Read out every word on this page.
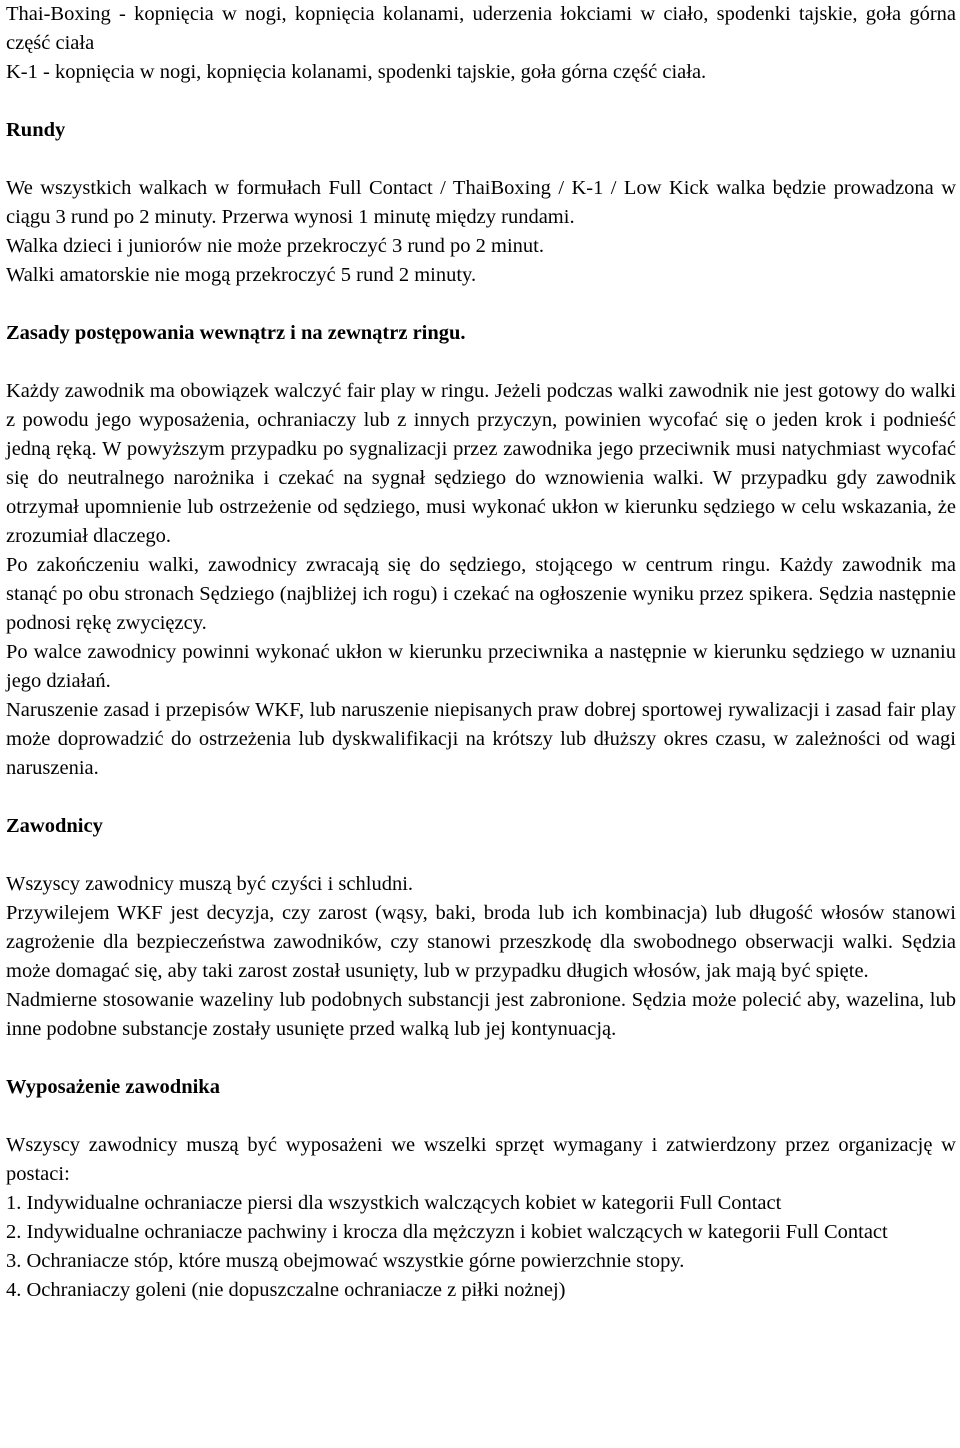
Thai-Boxing - kopnięcia w nogi, kopnięcia kolanami, uderzenia łokciami w ciało, spodenki tajskie, goła górna część ciała

K-1 - kopnięcia w nogi, kopnięcia kolanami, spodenki tajskie, goła górna część ciała.

Rundy

We wszystkich walkach w formułach Full Contact / ThaiBoxing / K-1 / Low Kick walka będzie prowadzona w ciągu 3 rund po 2 minuty. Przerwa wynosi 1 minutę między rundami.

Walka dzieci i juniorów nie może przekroczyć 3 rund po 2 minut.

Walki amatorskie nie mogą przekroczyć 5 rund 2 minuty.

Zasady postępowania wewnątrz i na zewnątrz ringu.

Każdy zawodnik ma obowiązek walczyć fair play w ringu. Jeżeli podczas walki zawodnik nie jest gotowy do walki z powodu jego wyposażenia, ochraniaczy lub z innych przyczyn, powinien wycofać się o jeden krok i podnieść jedną ręką. W powyższym przypadku po sygnalizacji przez zawodnika jego przeciwnik musi natychmiast wycofać się do neutralnego narożnika i czekać na sygnał sędziego do wznowienia walki. W przypadku gdy zawodnik otrzymał upomnienie lub ostrzeżenie od sędziego, musi wykonać ukłon w kierunku sędziego w celu wskazania, że zrozumiał dlaczego.

Po zakończeniu walki, zawodnicy zwracają się do sędziego, stojącego w centrum ringu. Każdy zawodnik ma stanąć po obu stronach Sędziego (najbliżej ich rogu) i czekać na ogłoszenie wyniku przez spikera. Sędzia następnie podnosi rękę zwycięzcy.

Po walce zawodnicy powinni wykonać ukłon w kierunku przeciwnika a następnie w kierunku sędziego w uznaniu jego działań.

Naruszenie zasad i przepisów WKF, lub naruszenie niepisanych praw dobrej sportowej rywalizacji i zasad fair play może doprowadzić do ostrzeżenia lub dyskwalifikacji na krótszy lub dłuższy okres czasu, w zależności od wagi naruszenia.

Zawodnicy

Wszyscy zawodnicy muszą być czyści i schludni.

Przywilejem WKF jest decyzja, czy zarost (wąsy, baki, broda lub ich kombinacja) lub długość włosów stanowi zagrożenie dla bezpieczeństwa zawodników, czy stanowi przeszkodę dla swobodnego obserwacji walki. Sędzia może domagać się, aby taki zarost został usunięty, lub w przypadku długich włosów, jak mają być spięte.

Nadmierne stosowanie wazeliny lub podobnych substancji jest zabronione. Sędzia może polecić aby, wazelina, lub inne podobne substancje zostały usunięte przed walką lub jej kontynuacją.

Wyposażenie zawodnika

Wszyscy zawodnicy muszą być wyposażeni we wszelki sprzęt wymagany i zatwierdzony przez organizację w postaci:

1. Indywidualne ochraniacze piersi dla wszystkich walczących kobiet w kategorii Full Contact

2. Indywidualne ochraniacze pachwiny i krocza dla mężczyzn i kobiet walczących w kategorii Full Contact

3. Ochraniacze stóp, które muszą obejmować wszystkie górne powierzchnie stopy.

4. Ochraniaczy goleni (nie dopuszczalne ochraniacze z piłki nożnej)
